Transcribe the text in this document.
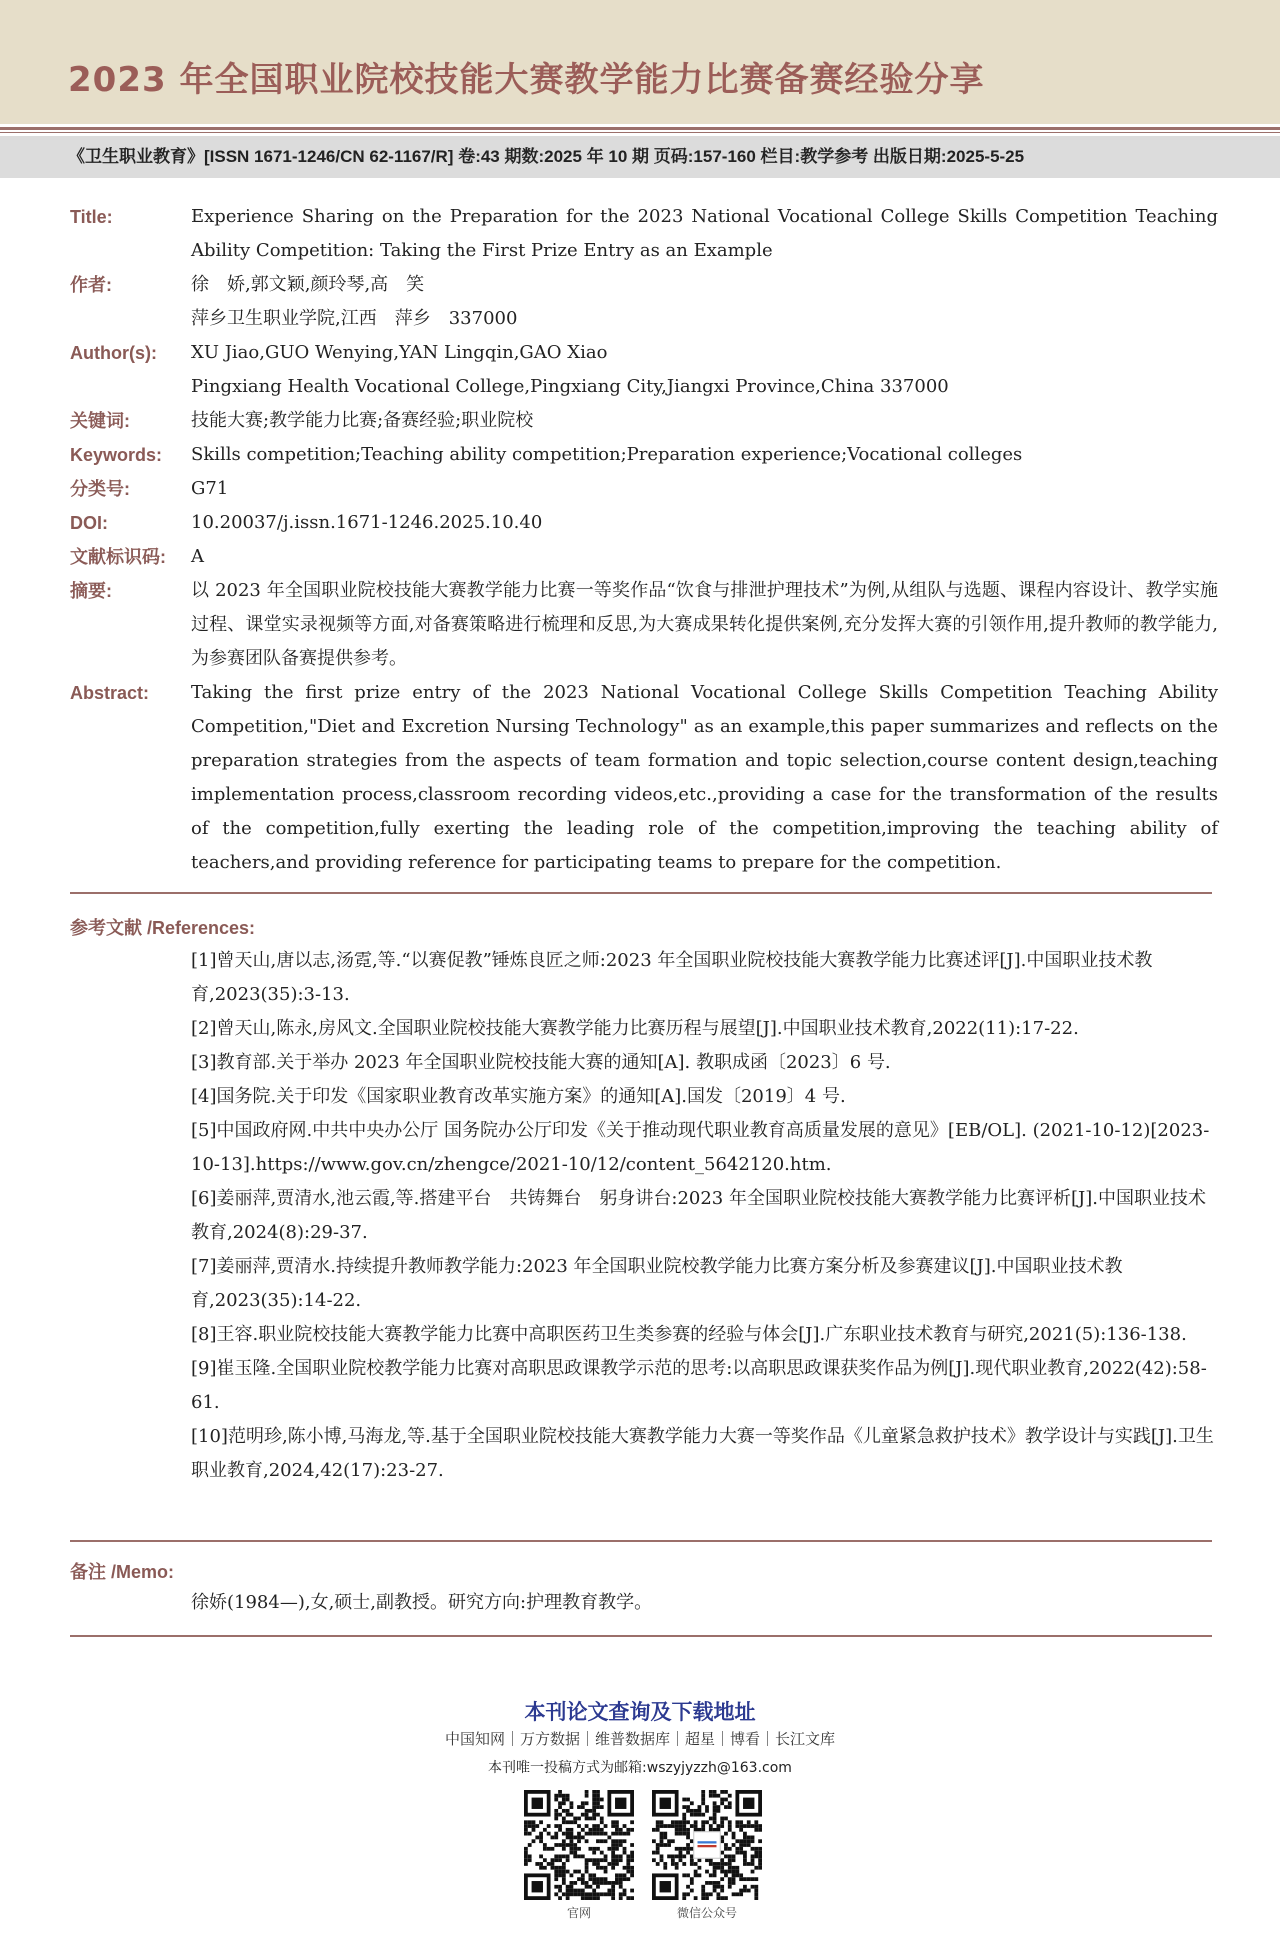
2023 年全国职业院校技能大赛教学能力比赛备赛经验分享
《卫生职业教育》[ISSN 1671-1246/CN 62-1167/R] 卷:43 期数:2025 年 10 期 页码:157-160 栏目:教学参考 出版日期:2025-5-25
Title:	Experience Sharing on the Preparation for the 2023 National Vocational College Skills Competition Teaching Ability Competition: Taking the First Prize Entry as an Example
作者:	徐　娇,郭文颖,颜玲琴,高　笑
萍乡卫生职业学院,江西　萍乡　337000
Author(s):	XU Jiao,GUO Wenying,YAN Lingqin,GAO Xiao
Pingxiang Health Vocational College,Pingxiang City,Jiangxi Province,China 337000
关键词:	技能大赛;教学能力比赛;备赛经验;职业院校
Keywords:	Skills competition;Teaching ability competition;Preparation experience;Vocational colleges
分类号:	G71
DOI:	10.20037/j.issn.1671-1246.2025.10.40
文献标识码:	A
摘要:	以 2023 年全国职业院校技能大赛教学能力比赛一等奖作品“饮食与排泄护理技术”为例,从组队与选题、课程内容设计、教学实施过程、课堂实录视频等方面,对备赛策略进行梳理和反思,为大赛成果转化提供案例,充分发挥大赛的引领作用,提升教师的教学能力,为参赛团队备赛提供参考。
Abstract:	Taking the first prize entry of the 2023 National Vocational College Skills Competition Teaching Ability Competition,"Diet and Excretion Nursing Technology" as an example,this paper summarizes and reflects on the preparation strategies from the aspects of team formation and topic selection,course content design,teaching implementation process,classroom recording videos,etc.,providing a case for the transformation of the results of the competition,fully exerting the leading role of the competition,improving the teaching ability of teachers,and providing reference for participating teams to prepare for the competition.
参考文献 /References:
[1]曾天山,唐以志,汤霓,等.“以赛促教”锤炼良匠之师:2023 年全国职业院校技能大赛教学能力比赛述评[J].中国职业技术教育,2023(35):3-13.
[2]曾天山,陈永,房风文.全国职业院校技能大赛教学能力比赛历程与展望[J].中国职业技术教育,2022(11):17-22.
[3]教育部.关于举办 2023 年全国职业院校技能大赛的通知[A]. 教职成函〔2023〕6 号.
[4]国务院.关于印发《国家职业教育改革实施方案》的通知[A].国发〔2019〕4 号.
[5]中国政府网.中共中央办公厅 国务院办公厅印发《关于推动现代职业教育高质量发展的意见》[EB/OL]. (2021-10-12)[2023-10-13].https://www.gov.cn/zhengce/2021-10/12/content_5642120.htm.
[6]姜丽萍,贾清水,池云霞,等.搭建平台　共铸舞台　躬身讲台:2023 年全国职业院校技能大赛教学能力比赛评析[J].中国职业技术教育,2024(8):29-37.
[7]姜丽萍,贾清水.持续提升教师教学能力:2023 年全国职业院校教学能力比赛方案分析及参赛建议[J].中国职业技术教育,2023(35):14-22.
[8]王容.职业院校技能大赛教学能力比赛中高职医药卫生类参赛的经验与体会[J].广东职业技术教育与研究,2021(5):136-138.
[9]崔玉隆.全国职业院校教学能力比赛对高职思政课教学示范的思考:以高职思政课获奖作品为例[J].现代职业教育,2022(42):58-61.
[10]范明珍,陈小博,马海龙,等.基于全国职业院校技能大赛教学能力大赛一等奖作品《儿童紧急救护技术》教学设计与实践[J].卫生职业教育,2024,42(17):23-27.
备注 /Memo:
徐娇(1984—),女,硕士,副教授。研究方向:护理教育教学。
本刊论文查询及下载地址
中国知网｜万方数据｜维普数据库｜超星｜博看｜长江文库
本刊唯一投稿方式为邮箱:wszyjyzzh@163.com
官网	微信公众号
